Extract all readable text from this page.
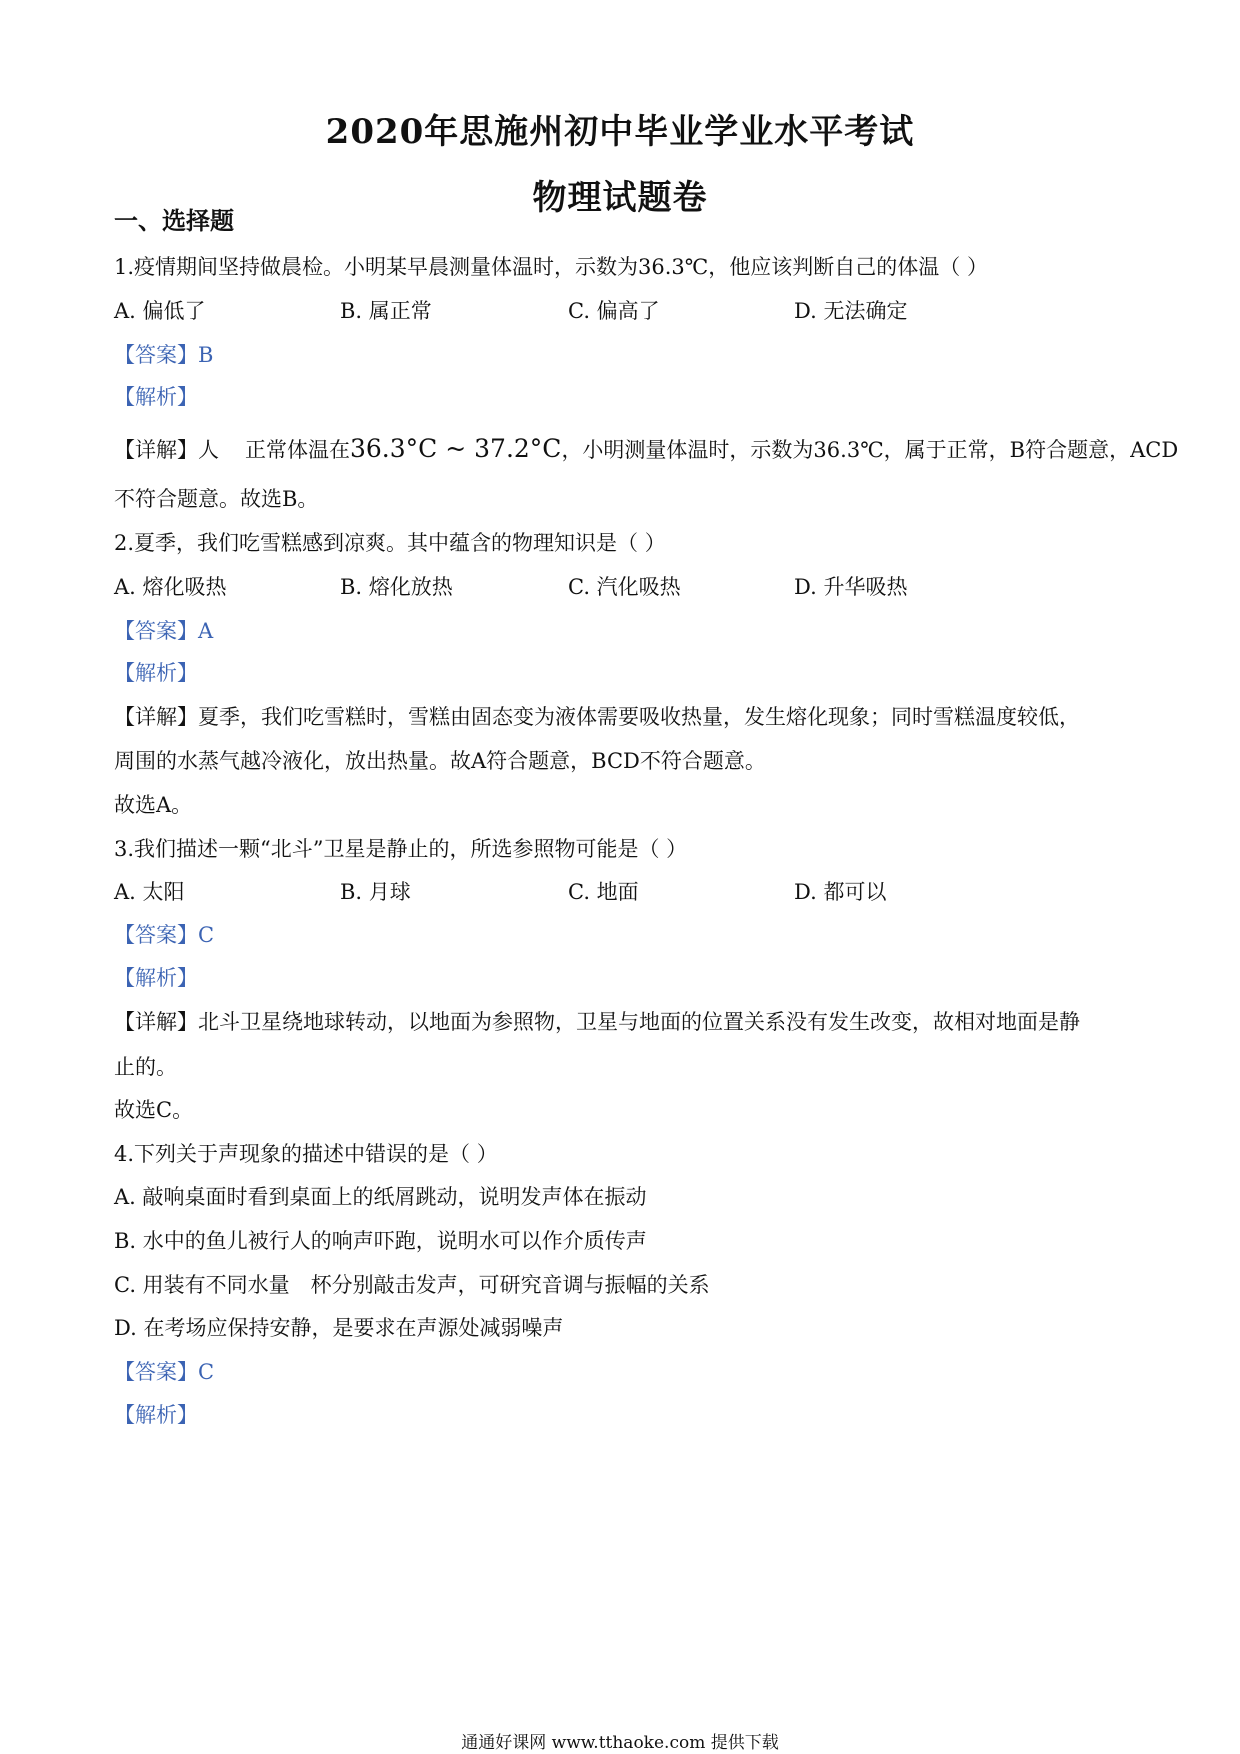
2020年思施州初中毕业学业水平考试
物理试题卷
一、选择题
1.疫情期间坚持做晨检。小明某早晨测量体温时，示数为36.3℃，他应该判断自己的体温（ ）
A. 偏低了	B. 属正常	C. 偏高了	D. 无法确定
【答案】B
【解析】
【详解】人 正常体温在36.3°C ~ 37.2°C，小明测量体温时，示数为36.3℃，属于正常，B符合题意，ACD
不符合题意。故选B。
2.夏季，我们吃雪糕感到凉爽。其中蕴含的物理知识是（ ）
A. 熔化吸热	B. 熔化放热	C. 汽化吸热	D. 升华吸热
【答案】A
【解析】
【详解】夏季，我们吃雪糕时，雪糕由固态变为液体需要吸收热量，发生熔化现象；同时雪糕温度较低，
周围的水蒸气越冷液化，放出热量。故A符合题意，BCD不符合题意。
故选A。
3.我们描述一颗“北斗”卫星是静止的，所选参照物可能是（ ）
A. 太阳	B. 月球	C. 地面	D. 都可以
【答案】C
【解析】
【详解】北斗卫星绕地球转动，以地面为参照物，卫星与地面的位置关系没有发生改变，故相对地面是静
止的。
故选C。
4.下列关于声现象的描述中错误的是（ ）
A. 敲响桌面时看到桌面上的纸屑跳动，说明发声体在振动
B. 水中的鱼儿被行人的响声吓跑，说明水可以作介质传声
C. 用装有不同水量　杯分别敲击发声，可研究音调与振幅的关系
D. 在考场应保持安静，是要求在声源处减弱噪声
【答案】C
【解析】
通通好课网 www.tthaoke.com 提供下载
